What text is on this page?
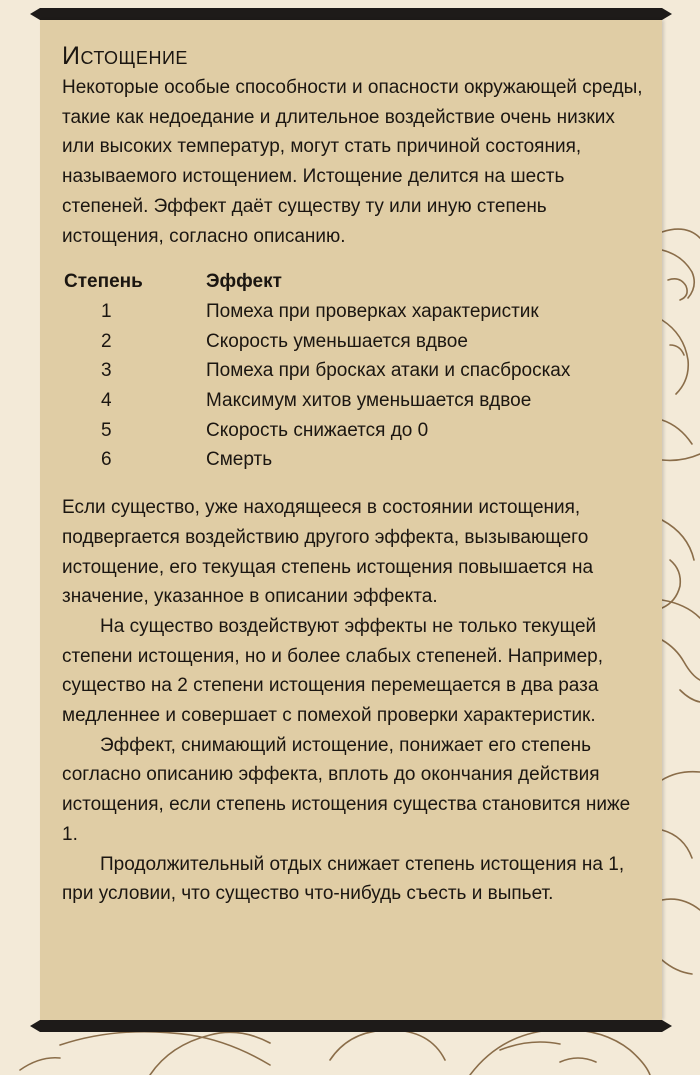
Истощение

Некоторые особые способности и опасности окружающей среды, такие как недоедание и длительное воздействие очень низких или высоких температур, могут стать причиной состояния, называемого истощением. Истощение делится на шесть степеней. Эффект даёт существу ту или иную степень истощения, согласно описанию.

Степень	Эффект
1	Помеха при проверках характеристик
2	Скорость уменьшается вдвое
3	Помеха при бросках атаки и спасбросках
4	Максимум хитов уменьшается вдвое
5	Скорость снижается до 0
6	Смерть

Если существо, уже находящееся в состоянии истощения, подвергается воздействию другого эффекта, вызывающего истощение, его текущая степень истощения повышается на значение, указанное в описании эффекта.

На существо воздействуют эффекты не только текущей степени истощения, но и более слабых степеней. Например, существо на 2 степени истощения перемещается в два раза медленнее и совершает с помехой проверки характеристик.

Эффект, снимающий истощение, понижает его степень согласно описанию эффекта, вплоть до окончания действия истощения, если степень истощения существа становится ниже 1.

Продолжительный отдых снижает степень истощения на 1, при условии, что существо что-нибудь съесть и выпьет.
